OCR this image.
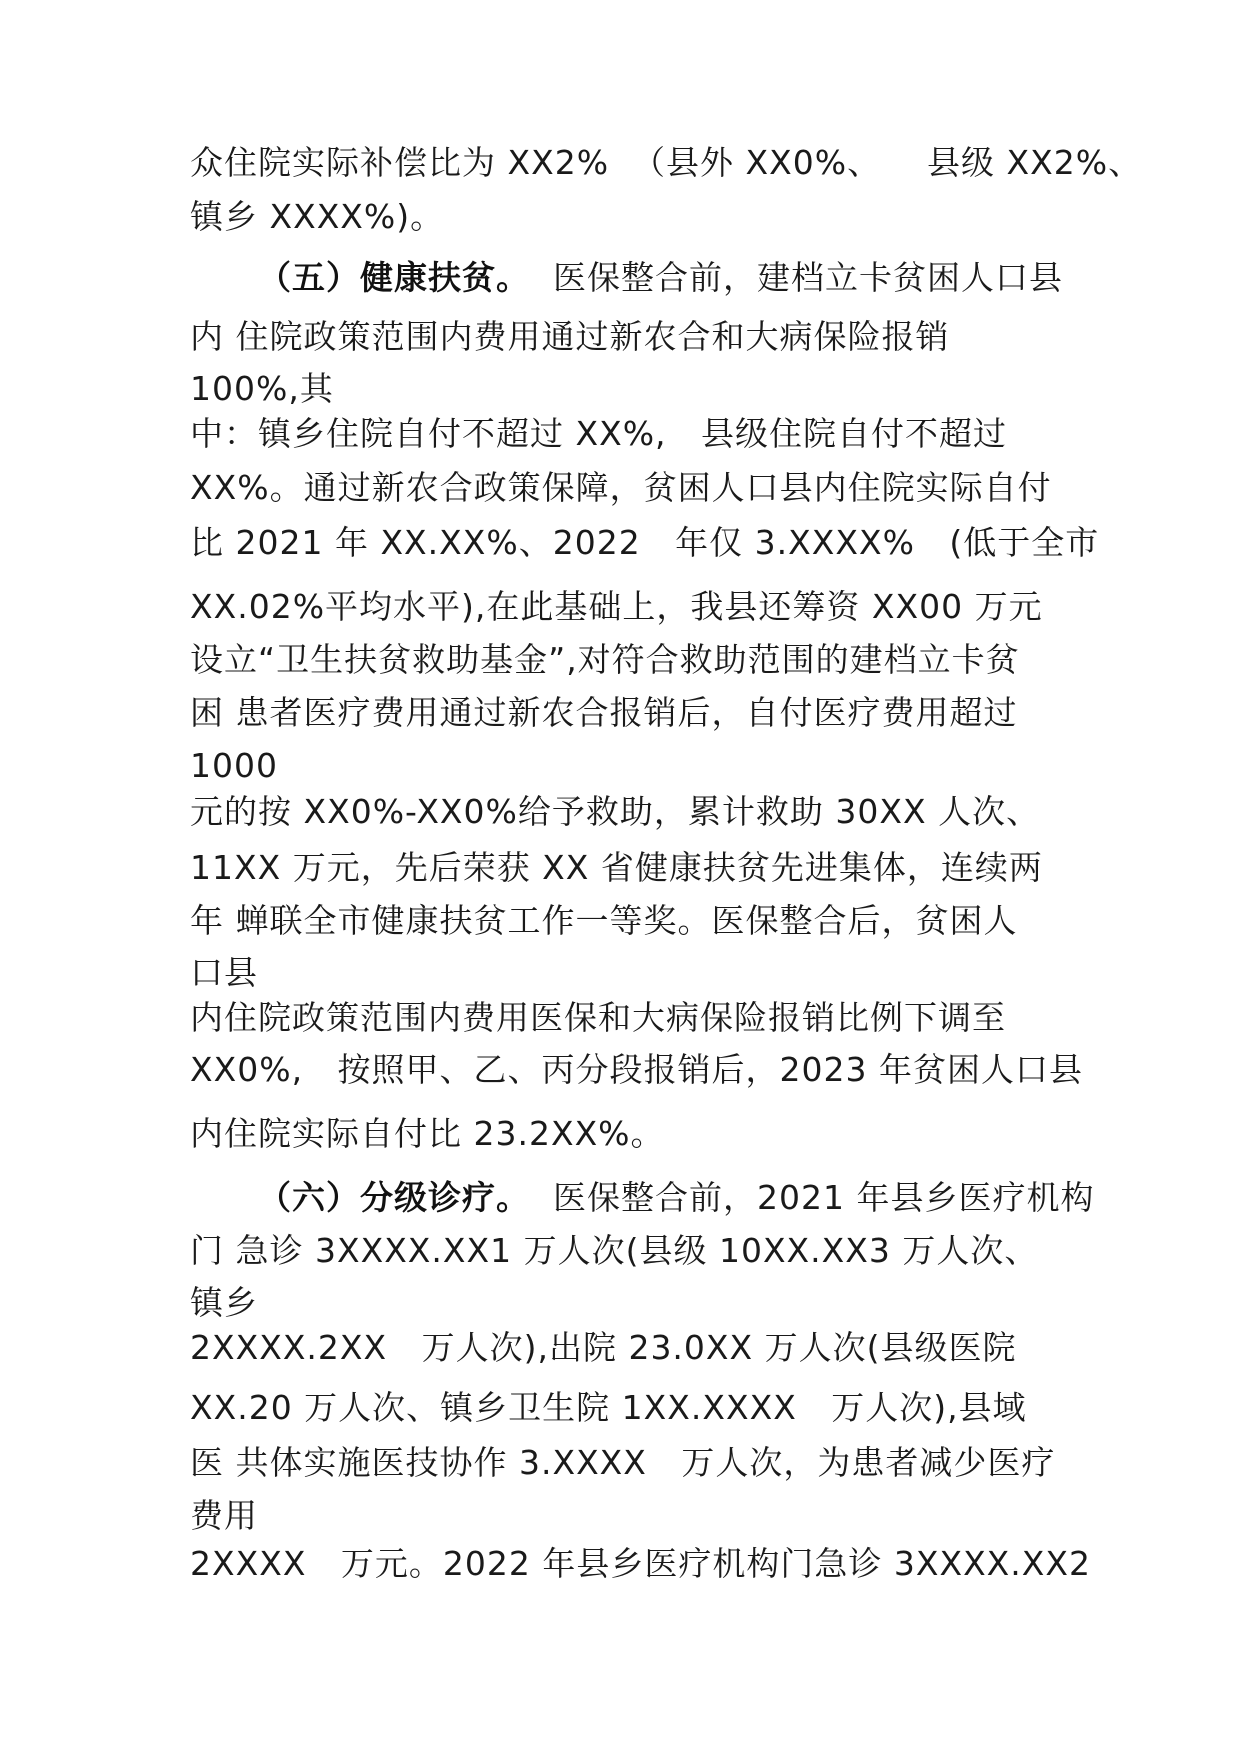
众住院实际补偿比为 XX2%  （县外 XX0%、    县级 XX2%、

镇乡 XXXX%)。

（五）健康扶贫。 医保整合前，建档立卡贫困人口县

内 住院政策范围内费用通过新农合和大病保险报销

100%,其

中：镇乡住院自付不超过 XX%,   县级住院自付不超过

XX%。通过新农合政策保障，贫困人口县内住院实际自付

比 2021 年 XX.XX%、2022   年仅 3.XXXX%   (低于全市

XX.02%平均水平),在此基础上，我县还筹资 XX00 万元

设立“卫生扶贫救助基金”,对符合救助范围的建档立卡贫

困 患者医疗费用通过新农合报销后，自付医疗费用超过

1000

元的按 XX0%-XX0%给予救助，累计救助 30XX 人次、

11XX 万元，先后荣获 XX 省健康扶贫先进集体，连续两

年 蝉联全市健康扶贫工作一等奖。医保整合后，贫困人

口县

内住院政策范围内费用医保和大病保险报销比例下调至

XX0%,   按照甲、乙、丙分段报销后，2023 年贫困人口县

内住院实际自付比 23.2XX%。

（六）分级诊疗。 医保整合前，2021 年县乡医疗机构

门 急诊 3XXXX.XX1 万人次(县级 10XX.XX3 万人次、

镇乡

2XXXX.2XX   万人次),出院 23.0XX 万人次(县级医院

XX.20 万人次、镇乡卫生院 1XX.XXXX   万人次),县域

医 共体实施医技协作 3.XXXX   万人次，为患者减少医疗

费用

2XXXX   万元。2022 年县乡医疗机构门急诊 3XXXX.XX2
